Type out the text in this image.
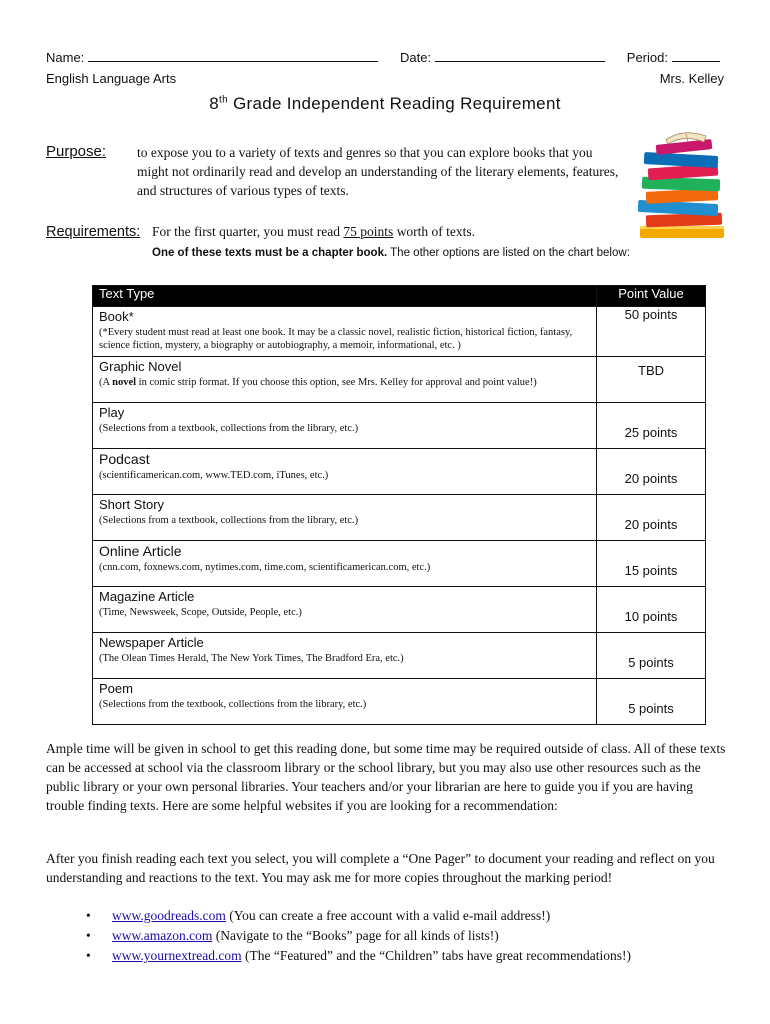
Name:	Date:	Period:
English Language Arts	Mrs. Kelley
8th Grade Independent Reading Requirement
Purpose: to expose you to a variety of texts and genres so that you can explore books that you might not ordinarily read and develop an understanding of the literary elements, features, and structures of various types of texts.
Requirements: For the first quarter, you must read 75 points worth of texts.
One of these texts must be a chapter book. The other options are listed on the chart below:
Text Type	Point Value

Book*
(*Every student must read at least one book. It may be a classic novel, realistic fiction, historical fiction, fantasy, science fiction, mystery, a biography or autobiography, a memoir, informational, etc. )	50 points

Graphic Novel
(A novel in comic strip format. If you choose this option, see Mrs. Kelley for approval and point value!)	TBD

Play
(Selections from a textbook, collections from the library, etc.)	25 points

Podcast
(scientificamerican.com, www.TED.com, iTunes, etc.)	20 points

Short Story
(Selections from a textbook, collections from the library, etc.)	20 points

Online Article
(cnn.com, foxnews.com, nytimes.com, time.com, scientificamerican.com, etc.)	15 points

Magazine Article
(Time, Newsweek, Scope, Outside, People, etc.)	10 points

Newspaper Article
(The Olean Times Herald, The New York Times, The Bradford Era, etc.)	5 points

Poem
(Selections from the textbook, collections from the library, etc.)	5 points
Ample time will be given in school to get this reading done, but some time may be required outside of class. All of these texts can be accessed at school via the classroom library or the school library, but you may also use other resources such as the public library or your own personal libraries. Your teachers and/or your librarian are here to guide you if you are having trouble finding texts. Here are some helpful websites if you are looking for a recommendation:
After you finish reading each text you select, you will complete a “One Pager” to document your reading and reflect on you understanding and reactions to the text. You may ask me for more copies throughout the marking period!
• www.goodreads.com (You can create a free account with a valid e-mail address!)
• www.amazon.com (Navigate to the “Books” page for all kinds of lists!)
• www.yournextread.com (The “Featured” and the “Children” tabs have great recommendations!)
